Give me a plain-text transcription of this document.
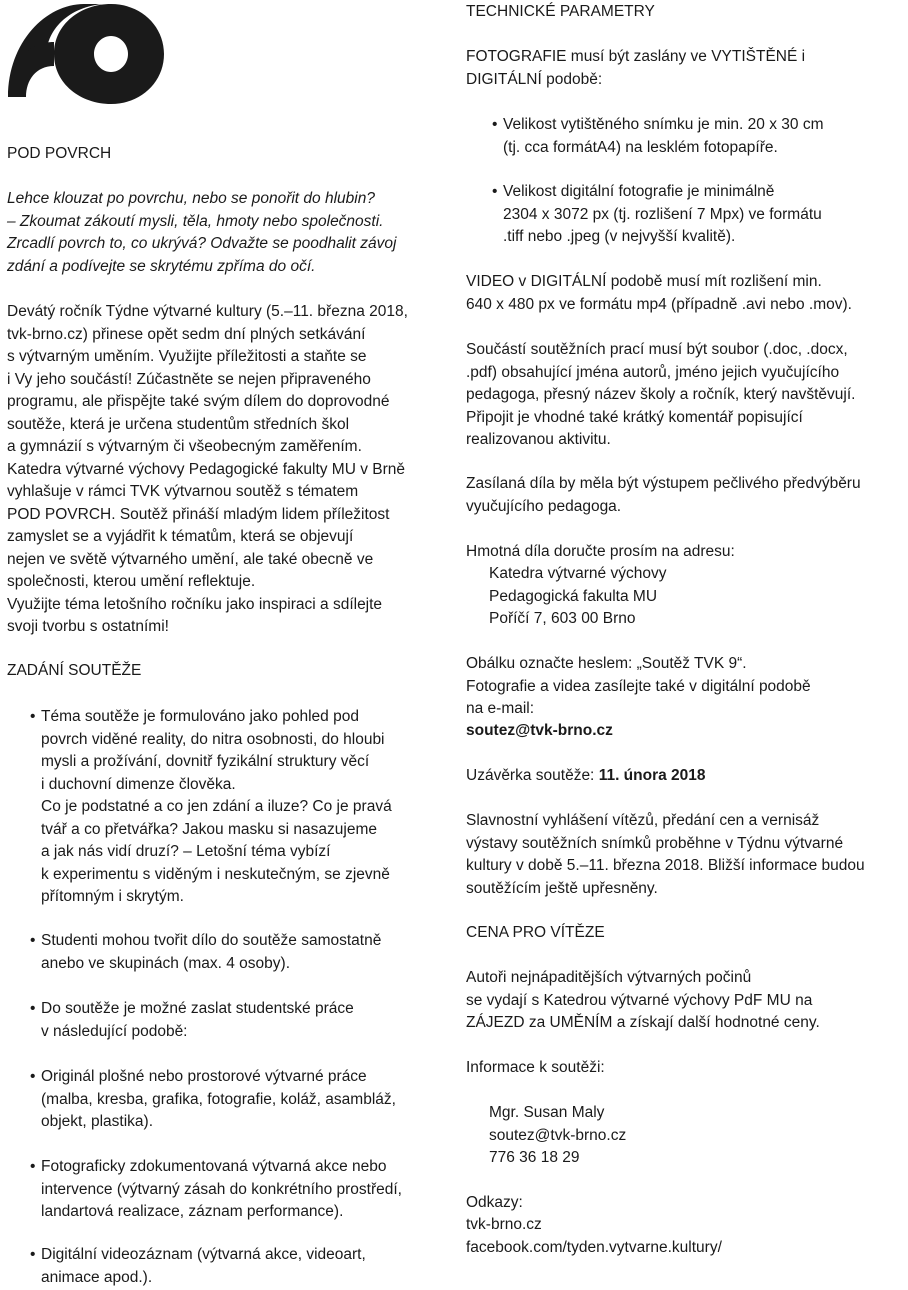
POD POVRCH

Lehce klouzat po povrchu, nebo se ponořit do hlubin?
– Zkoumat zákoutí mysli, těla, hmoty nebo společnosti.
Zrcadlí povrch to, co ukrývá? Odvažte se poodhalit závoj
zdání a podívejte se skrytému zpříma do očí.

Devátý ročník Týdne výtvarné kultury (5.–11. března 2018,
tvk-brno.cz) přinese opět sedm dní plných setkávání
s výtvarným uměním. Využijte příležitosti a staňte se
i Vy jeho součástí! Zúčastněte se nejen připraveného
programu, ale přispějte také svým dílem do doprovodné
soutěže, která je určena studentům středních škol
a gymnázií s výtvarným či všeobecným zaměřením.
Katedra výtvarné výchovy Pedagogické fakulty MU v Brně
vyhlašuje v rámci TVK výtvarnou soutěž s tématem
POD POVRCH. Soutěž přináší mladým lidem příležitost
zamyslet se a vyjádřit k tématům, která se objevují
nejen ve světě výtvarného umění, ale také obecně ve
společnosti, kterou umění reflektuje.
Využijte téma letošního ročníku jako inspiraci a sdílejte
svoji tvorbu s ostatními!

ZADÁNÍ SOUTĚŽE

• Téma soutěže je formulováno jako pohled pod
povrch viděné reality, do nitra osobnosti, do hloubi
mysli a prožívání, dovnitř fyzikální struktury věcí
i duchovní dimenze člověka.
Co je podstatné a co jen zdání a iluze? Co je pravá
tvář a co přetvářka? Jakou masku si nasazujeme
a jak nás vidí druzí? – Letošní téma vybízí
k experimentu s viděným i neskutečným, se zjevně
přítomným i skrytým.

• Studenti mohou tvořit dílo do soutěže samostatně
anebo ve skupinách (max. 4 osoby).

• Do soutěže je možné zaslat studentské práce
v následující podobě:

• Originál plošné nebo prostorové výtvarné práce
(malba, kresba, grafika, fotografie, koláž, asambláž,
objekt, plastika).

• Fotograficky zdokumentovaná výtvarná akce nebo
intervence (výtvarný zásah do konkrétního prostředí,
landartová realizace, záznam performance).

• Digitální videozáznam (výtvarná akce, videoart,
animace apod.).

TECHNICKÉ PARAMETRY

FOTOGRAFIE musí být zaslány ve VYTIŠTĚNÉ i
DIGITÁLNÍ podobě:

• Velikost vytištěného snímku je min. 20 x 30 cm
(tj. cca formátA4) na lesklém fotopapíře.

• Velikost digitální fotografie je minimálně
2304 x 3072 px (tj. rozlišení 7 Mpx) ve formátu
.tiff nebo .jpeg (v nejvyšší kvalitě).

VIDEO v DIGITÁLNÍ podobě musí mít rozlišení min.
640 x 480 px ve formátu mp4 (případně .avi nebo .mov).

Součástí soutěžních prací musí být soubor (.doc, .docx,
.pdf) obsahující jména autorů, jméno jejich vyučujícího
pedagoga, přesný název školy a ročník, který navštěvují.
Připojit je vhodné také krátký komentář popisující
realizovanou aktivitu.

Zasílaná díla by měla být výstupem pečlivého předvýběru
vyučujícího pedagoga.

Hmotná díla doručte prosím na adresu:

Katedra výtvarné výchovy

Pedagogická fakulta MU

Poříčí 7, 603 00 Brno

Obálku označte heslem: „Soutěž TVK 9“.
Fotografie a videa zasílejte také v digitální podobě
na e-mail:

soutez@tvk-brno.cz

Uzávěrka soutěže: 11. února 2018

Slavnostní vyhlášení vítězů, předání cen a vernisáž
výstavy soutěžních snímků proběhne v Týdnu výtvarné
kultury v době 5.–11. března 2018. Bližší informace budou
soutěžícím ještě upřesněny.

CENA PRO VÍTĚZE

Autoři nejnápaditějších výtvarných počinů
se vydají s Katedrou výtvarné výchovy PdF MU na
ZÁJEZD za UMĚNÍM a získají další hodnotné ceny.

Informace k soutěži:

Mgr. Susan Maly

soutez@tvk-brno.cz

776 36 18 29

Odkazy:

tvk-brno.cz

facebook.com/tyden.vytvarne.kultury/
